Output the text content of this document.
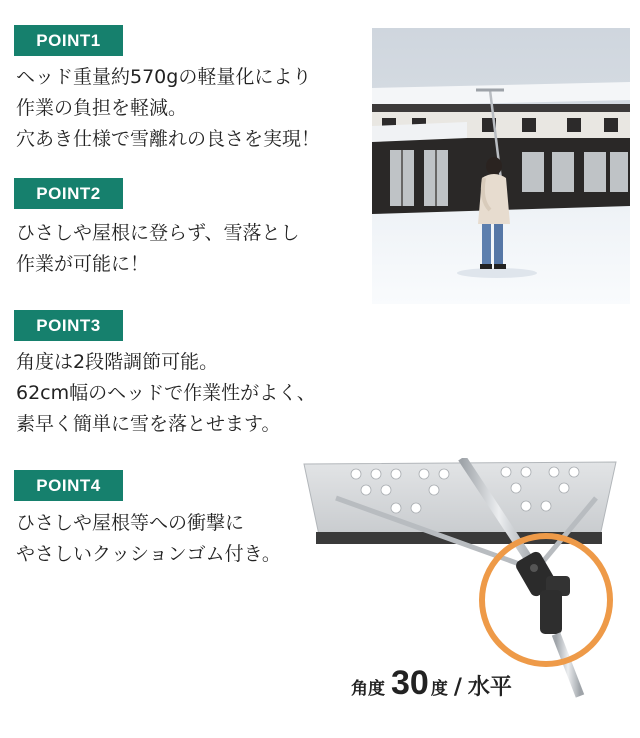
POINT1
ヘッド重量約570gの軽量化により
作業の負担を軽減。
穴あき仕様で雪離れの良さを実現！
POINT2
ひさしや屋根に登らず、雪落とし
作業が可能に！
POINT3
角度は2段階調節可能。
62cm幅のヘッドで作業性がよく、
素早く簡単に雪を落とせます。
POINT4
ひさしや屋根等への衝撃に
やさしいクッションゴム付き。
角度 30 度 / 水平
